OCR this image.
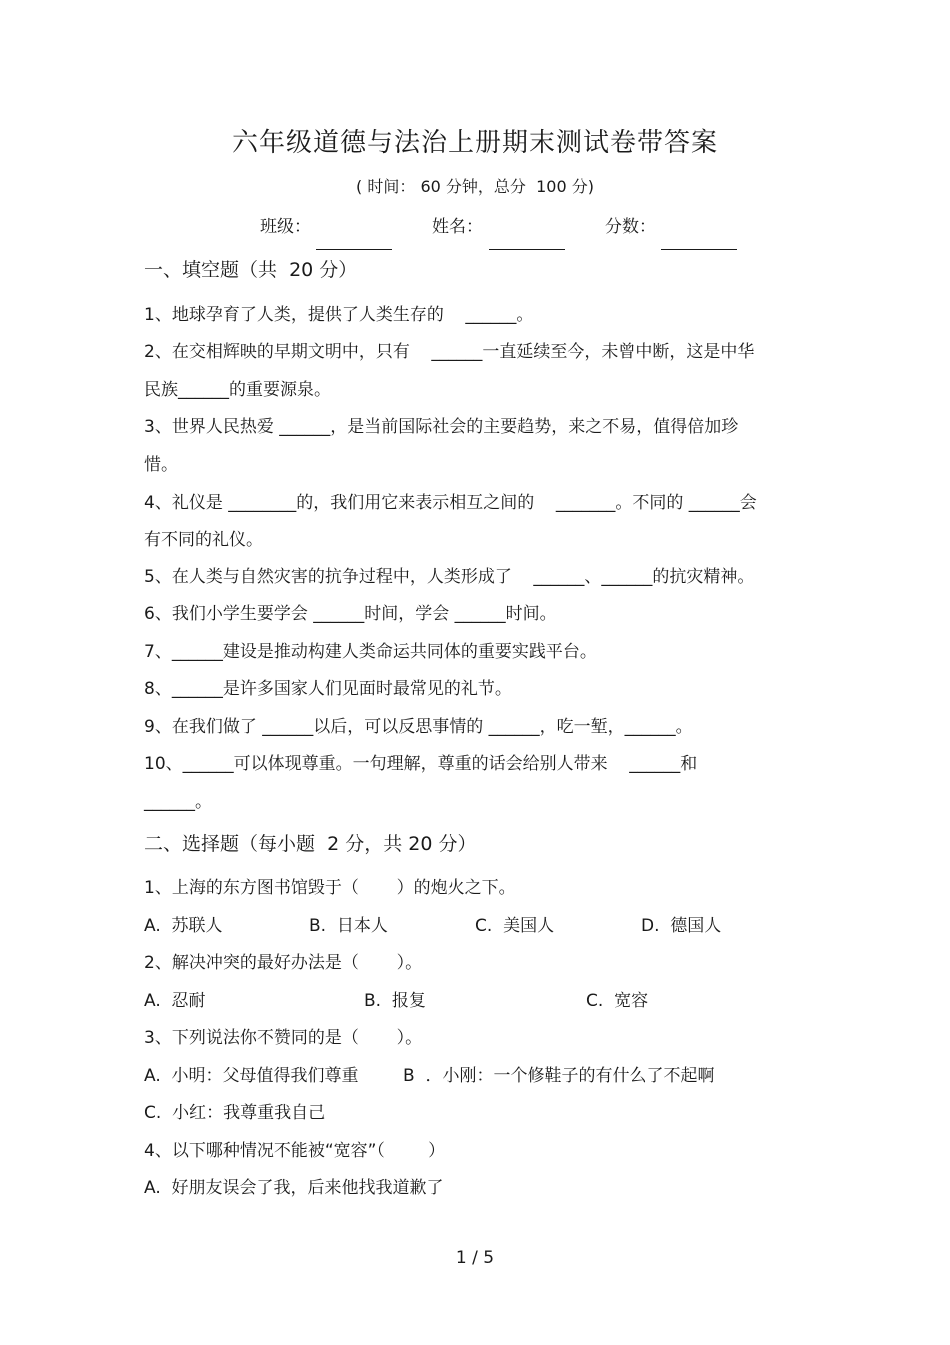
六年级道德与法治上册期末测试卷带答案
( 时间： 60 分钟，总分  100 分)
班级：	姓名：	分数：
一、填空题（共  20 分）
1、地球孕育了人类，提供了人类生存的    ______。
2、在交相辉映的早期文明中，只有    ______一直延续至今，未曾中断，这是中华
民族______的重要源泉。
3、世界人民热爱 ______，是当前国际社会的主要趋势，来之不易，值得倍加珍
惜。
4、礼仪是 ________的，我们用它来表示相互之间的    _______。不同的 ______会
有不同的礼仪。
5、在人类与自然灾害的抗争过程中，人类形成了    ______、______的抗灾精神。
6、我们小学生要学会 ______时间，学会 ______时间。
7、______建设是推动构建人类命运共同体的重要实践平台。
8、______是许多国家人们见面时最常见的礼节。
9、在我们做了 ______以后，可以反思事情的 ______，吃一堑，______。
10、______可以体现尊重。一句理解，尊重的话会给别人带来    ______和
______。
二、选择题（每小题  2 分，共 20 分）
1、上海的东方图书馆毁于（       ）的炮火之下。
A.  苏联人	B.  日本人	C.  美国人	D.  德国人
2、解决冲突的最好办法是（       ）。
A.  忍耐	B.  报复	C.  宽容
3、下列说法你不赞同的是（       ）。
A.  小明：父母值得我们尊重	B  ．小刚：一个修鞋子的有什么了不起啊
C.  小红：我尊重我自己
4、以下哪种情况不能被“宽容”（        ）
A.  好朋友误会了我，后来他找我道歉了
1 / 5
